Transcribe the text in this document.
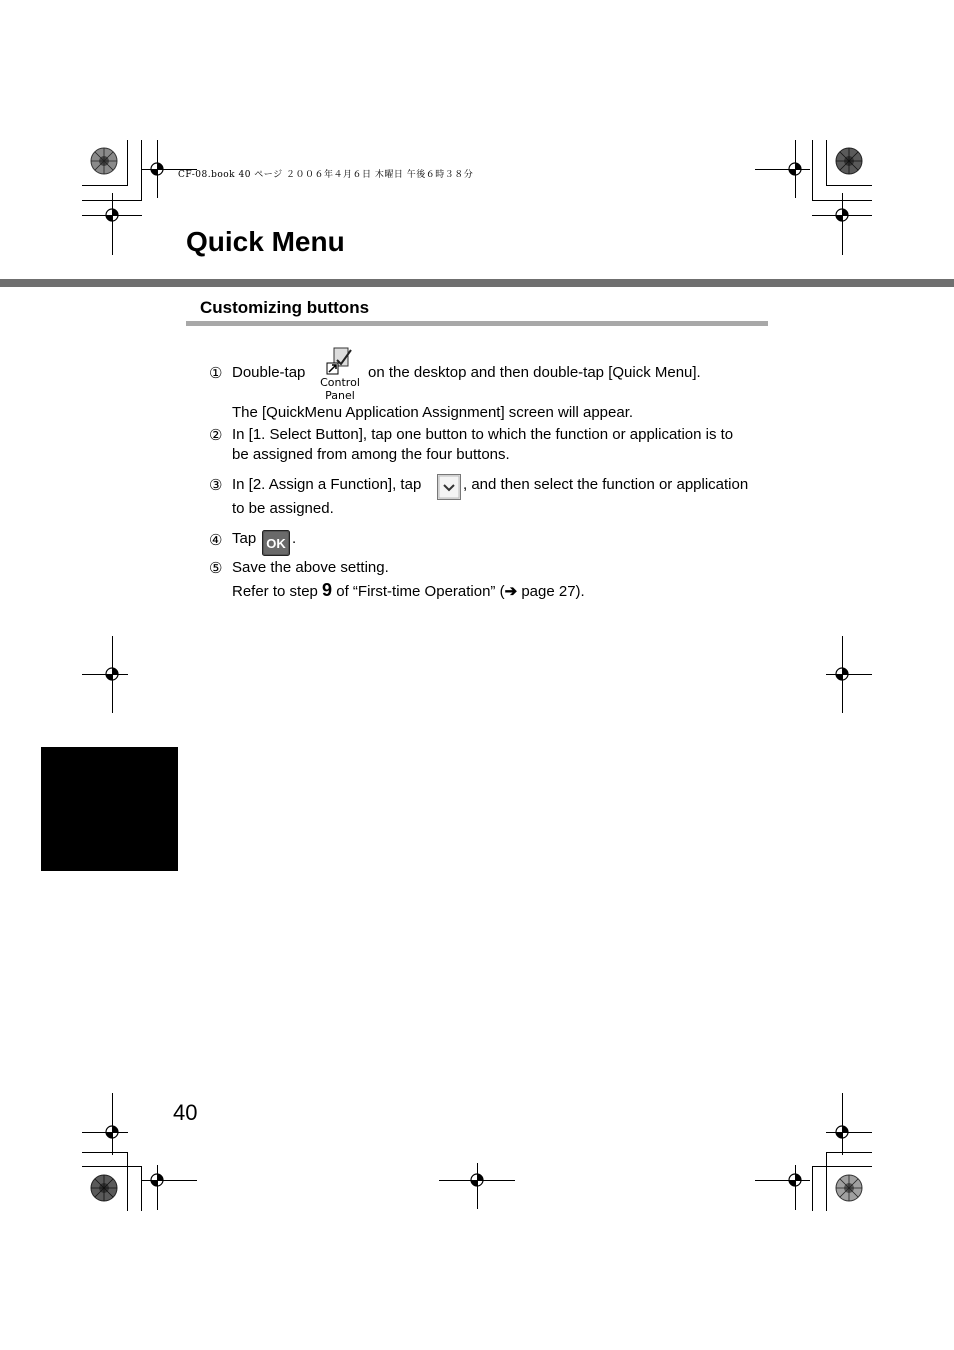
CF-08.book 40 ページ ２００６年４月６日 木曜日 午後６時３８分
Quick Menu
Customizing buttons
① Double-tap
Control
Panel
on the desktop and then double-tap [Quick Menu].
The [QuickMenu Application Assignment] screen will appear.
② In [1. Select Button], tap one button to which the function or application is to
be assigned from among the four buttons.
③ In [2. Assign a Function], tap	, and then select the function or application
to be assigned.
④ Tap OK .
⑤ Save the above setting.
Refer to step 9 of “First-time Operation” (➔ page 27).
40
